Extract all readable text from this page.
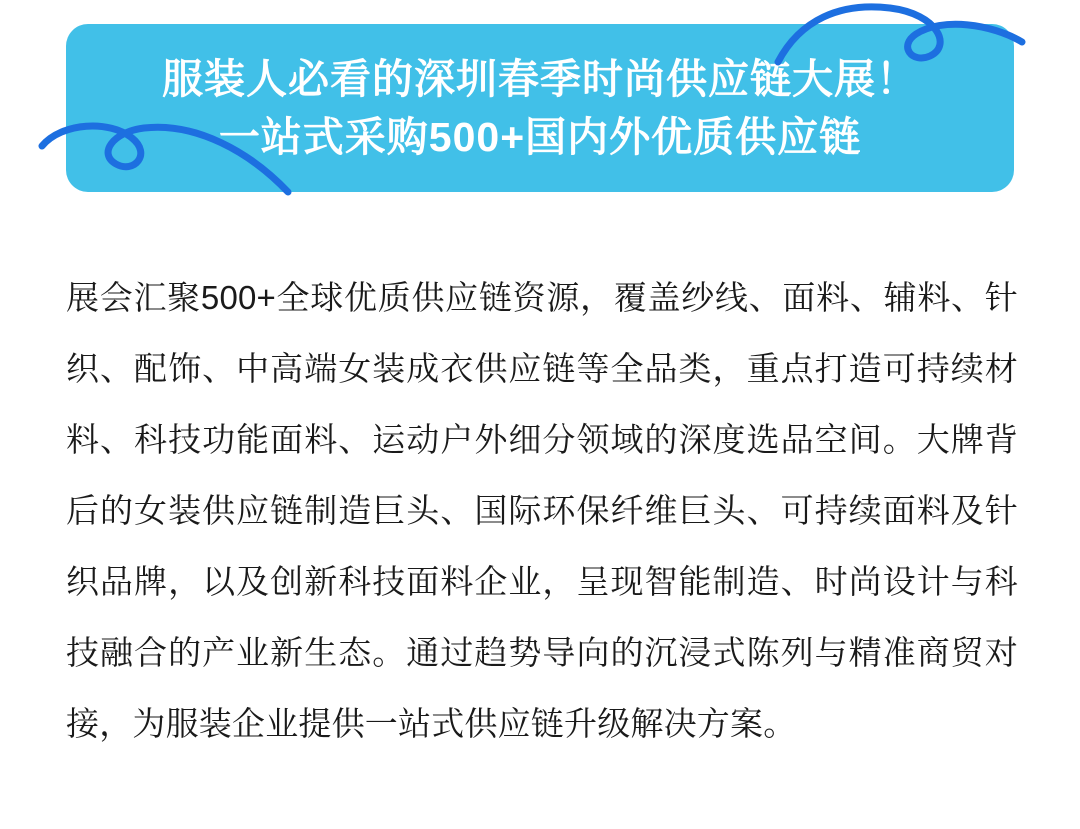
服装人必看的深圳春季时尚供应链大展！
一站式采购500+国内外优质供应链

展会汇聚500+全球优质供应链资源，覆盖纱线、面料、辅料、针织、配饰、中高端女装成衣供应链等全品类，重点打造可持续材料、科技功能面料、运动户外细分领域的深度选品空间。大牌背后的女装供应链制造巨头、国际环保纤维巨头、可持续面料及针织品牌，以及创新科技面料企业，呈现智能制造、时尚设计与科技融合的产业新生态。通过趋势导向的沉浸式陈列与精准商贸对接，为服装企业提供一站式供应链升级解决方案。
